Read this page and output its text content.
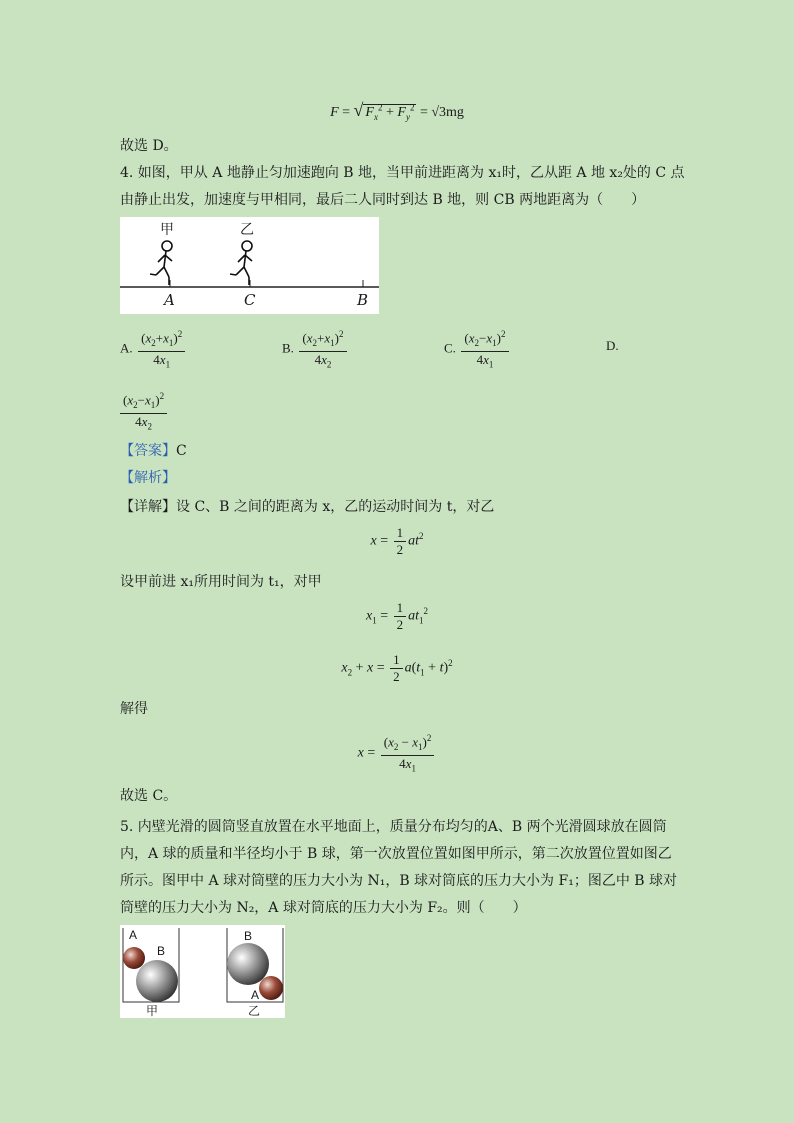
F = √ $F_x^2 + F_y^2 = √3mg$
故选 D。
4. 如图，甲从 A 地静止匀加速跑向 B 地，当甲前进距离为 x₁时，乙从距 A 地 x₂处的 C 点
由静止出发，加速度与甲相同，最后二人同时到达 B 地，则 CB 两地距离为（　　）
甲	乙
A	C	B
A. $\frac{(x_2+x_1)^2}{4x_1}$	B. $\frac{(x_2+x_1)^2}{4x_2}$	C. $\frac{(x_2-x_1)^2}{4x_1}$	D.
$\frac{(x_2-x_1)^2}{4x_2}$
【答案】C
【解析】
【详解】设 C、B 之间的距离为 x，乙的运动时间为 t，对乙
$x = \frac{1}{2} at^2$
设甲前进 x₁所用时间为 t₁，对甲
$x_1 = \frac{1}{2} at_1^2$
$x_2 + x = \frac{1}{2} a(t_1 + t)^2$
解得
$x = \frac{(x_2 - x_1)^2}{4x_1}$
故选 C。
5. 内壁光滑的圆筒竖直放置在水平地面上，质量分布均匀的A、B 两个光滑圆球放在圆筒
内，A 球的质量和半径均小于 B 球，第一次放置位置如图甲所示，第二次放置位置如图乙
所示。图甲中 A 球对筒壁的压力大小为 N₁，B 球对筒底的压力大小为 F₁；图乙中 B 球对
筒壁的压力大小为 N₂，A 球对筒底的压力大小为 F₂。则（　　）
A
B
B
A
甲	乙
